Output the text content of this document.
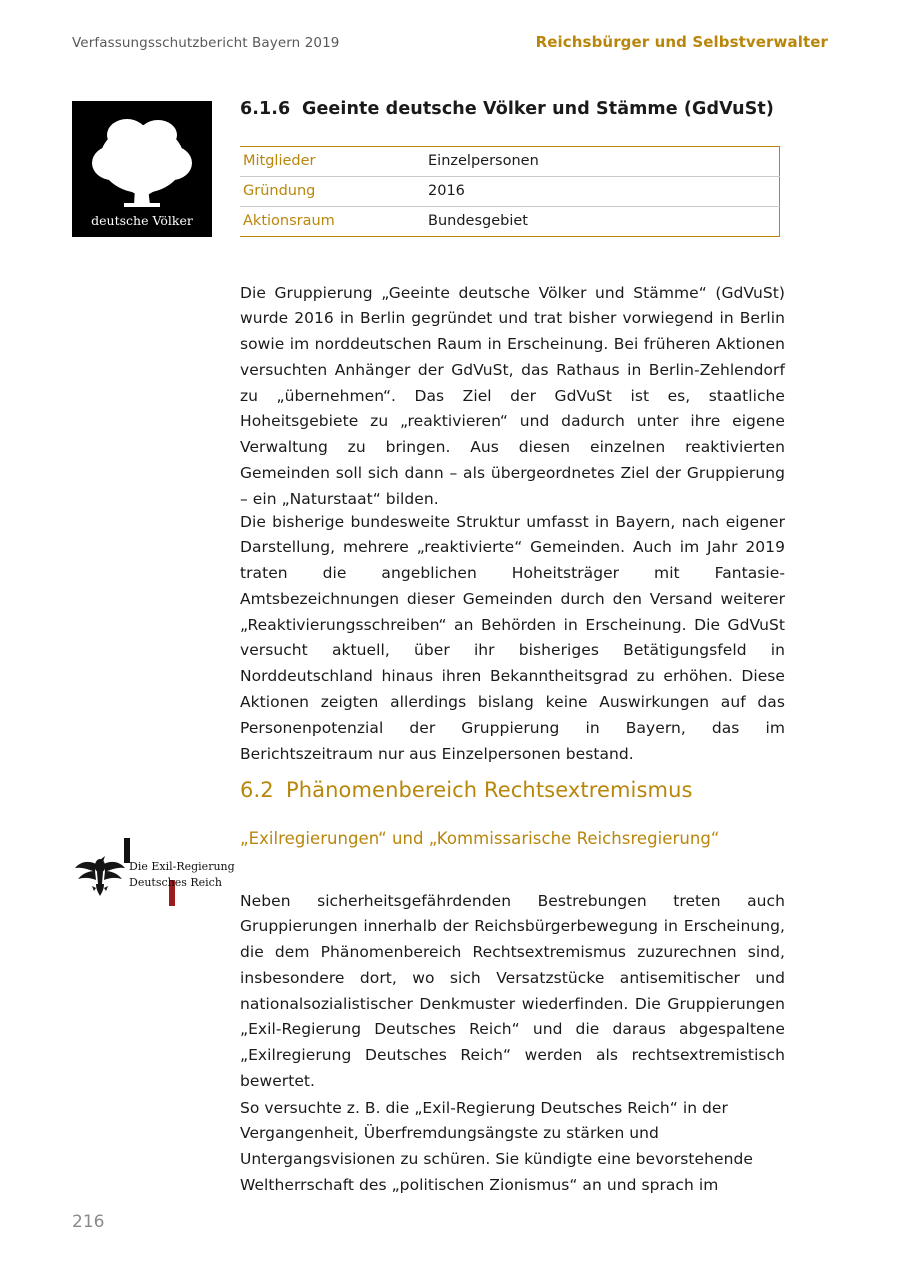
Verfassungsschutzbericht Bayern 2019	Reichsbürger und Selbstverwalter
deutsche Völker
6.1.6 Geeinte deutsche Völker und Stämme (GdVuSt)
Mitglieder	Einzelpersonen
Gründung	2016
Aktionsraum	Bundesgebiet

Die Gruppierung „Geeinte deutsche Völker und Stämme“ (GdVuSt) wurde 2016 in Berlin gegründet und trat bisher vorwiegend in Berlin sowie im norddeutschen Raum in Erscheinung. Bei früheren Aktionen versuchten Anhänger der GdVuSt, das Rathaus in Berlin-Zehlendorf zu „übernehmen“. Das Ziel der GdVuSt ist es, staatliche Hoheitsgebiete zu „reaktivieren“ und dadurch unter ihre eigene Verwaltung zu bringen. Aus diesen einzelnen reaktivierten Gemeinden soll sich dann – als übergeordnetes Ziel der Gruppierung – ein „Naturstaat“ bilden.

Die bisherige bundesweite Struktur umfasst in Bayern, nach eigener Darstellung, mehrere „reaktivierte“ Gemeinden. Auch im Jahr 2019 traten die angeblichen Hoheitsträger mit Fantasie-Amtsbezeichnungen dieser Gemeinden durch den Versand weiterer „Reaktivierungsschreiben“ an Behörden in Erscheinung. Die GdVuSt versucht aktuell, über ihr bisheriges Betätigungsfeld in Norddeutschland hinaus ihren Bekanntheitsgrad zu erhöhen. Diese Aktionen zeigten allerdings bislang keine Auswirkungen auf das Personenpotenzial der Gruppierung in Bayern, das im Berichtszeitraum nur aus Einzelpersonen bestand.

6.2 Phänomenbereich Rechtsextremismus
„Exilregierungen“ und „Kommissarische Reichsregierung“
Die Exil-Regierung
Deutsches Reich

Neben sicherheitsgefährdenden Bestrebungen treten auch Gruppierungen innerhalb der Reichsbürgerbewegung in Erscheinung, die dem Phänomenbereich Rechtsextremismus zuzurechnen sind, insbesondere dort, wo sich Versatzstücke antisemitischer und nationalsozialistischer Denkmuster wiederfinden. Die Gruppierungen „Exil-Regierung Deutsches Reich“ und die daraus abgespaltene „Exilregierung Deutsches Reich“ werden als rechtsextremistisch bewertet.

So versuchte z. B. die „Exil-Regierung Deutsches Reich“ in der Vergangenheit, Überfremdungsängste zu stärken und Untergangsvisionen zu schüren. Sie kündigte eine bevorstehende Weltherrschaft des „politischen Zionismus“ an und sprach im

216
